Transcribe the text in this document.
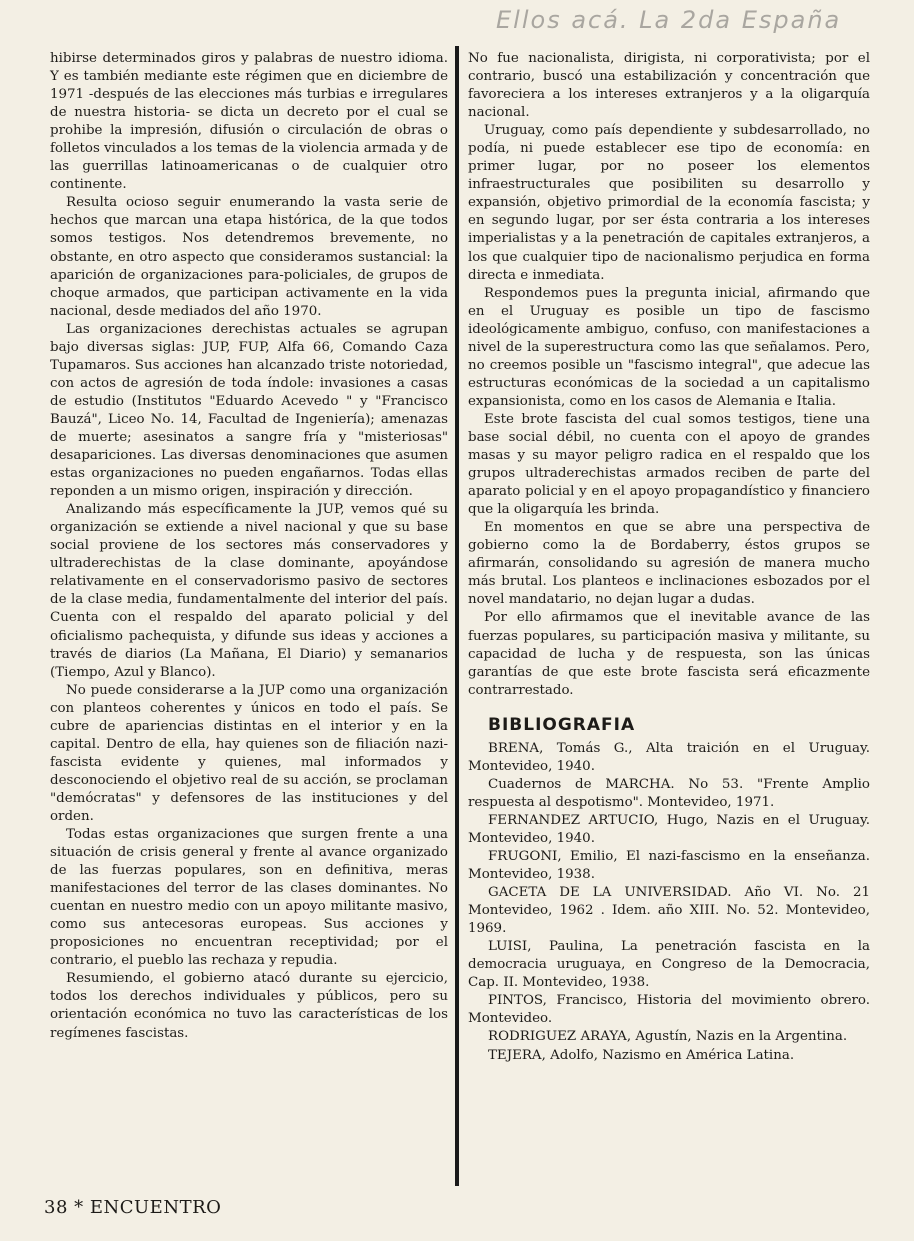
Ellos acá. La 2da España

hibirse determinados giros y palabras de nuestro idioma. Y es también mediante este régimen que en diciembre de 1971 -después de las elecciones más turbias e irregulares de nuestra historia- se dicta un decreto por el cual se prohibe la impresión, difusión o circulación de obras o folletos vinculados a los temas de la violencia armada y de las guerrillas latinoamericanas o de cualquier otro continente.

Resulta ocioso seguir enumerando la vasta serie de hechos que marcan una etapa histórica, de la que todos somos testigos. Nos detendremos brevemente, no obstante, en otro aspecto que consideramos sustancial: la aparición de organizaciones para-policiales, de grupos de choque armados, que participan activamente en la vida nacional, desde mediados del año 1970.

Las organizaciones derechistas actuales se agrupan bajo diversas siglas: JUP, FUP, Alfa 66, Comando Caza Tupamaros. Sus acciones han alcanzado triste notoriedad, con actos de agresión de toda índole: invasiones a casas de estudio (Institutos "Eduardo Acevedo " y "Francisco Bauzá", Liceo No. 14, Facultad de Ingeniería); amenazas de muerte; asesinatos a sangre fría y "misteriosas" desapariciones. Las diversas denominaciones que asumen estas organizaciones no pueden engañarnos. Todas ellas reponden a un mismo origen, inspiración y dirección.

Analizando más específicamente la JUP, vemos qué su organización se extiende a nivel nacional y que su base social proviene de los sectores más conservadores y ultraderechistas de la clase dominante, apoyándose relativamente en el conservadorismo pasivo de sectores de la clase media, fundamentalmente del interior del país. Cuenta con el respaldo del aparato policial y del oficialismo pachequista, y difunde sus ideas y acciones a través de diarios (La Mañana, El Diario) y semanarios (Tiempo, Azul y Blanco).

No puede considerarse a la JUP como una organización con planteos coherentes y únicos en todo el país. Se cubre de apariencias distintas en el interior y en la capital. Dentro de ella, hay quienes son de filiación nazi-fascista evidente y quienes, mal informados y desconociendo el objetivo real de su acción, se proclaman "demócratas" y defensores de las instituciones y del orden.

Todas estas organizaciones que surgen frente a una situación de crisis general y frente al avance organizado de las fuerzas populares, son en definitiva, meras manifestaciones del terror de las clases dominantes. No cuentan en nuestro medio con un apoyo militante masivo, como sus antecesoras europeas. Sus acciones y proposiciones no encuentran receptividad; por el contrario, el pueblo las rechaza y repudia.

Resumiendo, el gobierno atacó durante su ejercicio, todos los derechos individuales y públicos, pero su orientación económica no tuvo las características de los regímenes fascistas.

No fue nacionalista, dirigista, ni corporativista; por el contrario, buscó una estabilización y concentración que favoreciera a los intereses extranjeros y a la oligarquía nacional.

Uruguay, como país dependiente y subdesarrollado, no podía, ni puede establecer ese tipo de economía: en primer lugar, por no poseer los elementos infraestructurales que posibiliten su desarrollo y expansión, objetivo primordial de la economía fascista; y en segundo lugar, por ser ésta contraria a los intereses imperialistas y a la penetración de capitales extranjeros, a los que cualquier tipo de nacionalismo perjudica en forma directa e inmediata.

Respondemos pues la pregunta inicial, afirmando que en el Uruguay es posible un tipo de fascismo ideológicamente ambiguo, confuso, con manifestaciones a nivel de la superestructura como las que señalamos. Pero, no creemos posible un "fascismo integral", que adecue las estructuras económicas de la sociedad a un capitalismo expansionista, como en los casos de Alemania e Italia.

Este brote fascista del cual somos testigos, tiene una base social débil, no cuenta con el apoyo de grandes masas y su mayor peligro radica en el respaldo que los grupos ultraderechistas armados reciben de parte del aparato policial y en el apoyo propagandístico y financiero que la oligarquía les brinda.

En momentos en que se abre una perspectiva de gobierno como la de Bordaberry, éstos grupos se afirmarán, consolidando su agresión de manera mucho más brutal. Los planteos e inclinaciones esbozados por el novel mandatario, no dejan lugar a dudas.

Por ello afirmamos que el inevitable avance de las fuerzas populares, su participación masiva y militante, su capacidad de lucha y de respuesta, son las únicas garantías de que este brote fascista será eficazmente contrarrestado.

BIBLIOGRAFIA

BRENA, Tomás G., Alta traición en el Uruguay. Montevideo, 1940.

Cuadernos de MARCHA. No 53. "Frente Amplio respuesta al despotismo". Montevideo, 1971.

FERNANDEZ ARTUCIO, Hugo, Nazis en el Uruguay. Montevideo, 1940.

FRUGONI, Emilio, El nazi-fascismo en la enseñanza. Montevideo, 1938.

GACETA DE LA UNIVERSIDAD. Año VI. No. 21 Montevideo, 1962 . Idem. año XIII. No. 52. Montevideo, 1969.

LUISI, Paulina, La penetración fascista en la democracia uruguaya, en Congreso de la Democracia, Cap. II. Montevideo, 1938.

PINTOS, Francisco, Historia del movimiento obrero. Montevideo.

RODRIGUEZ ARAYA, Agustín, Nazis en la Argentina.

TEJERA, Adolfo, Nazismo en América Latina.

38 * ENCUENTRO
